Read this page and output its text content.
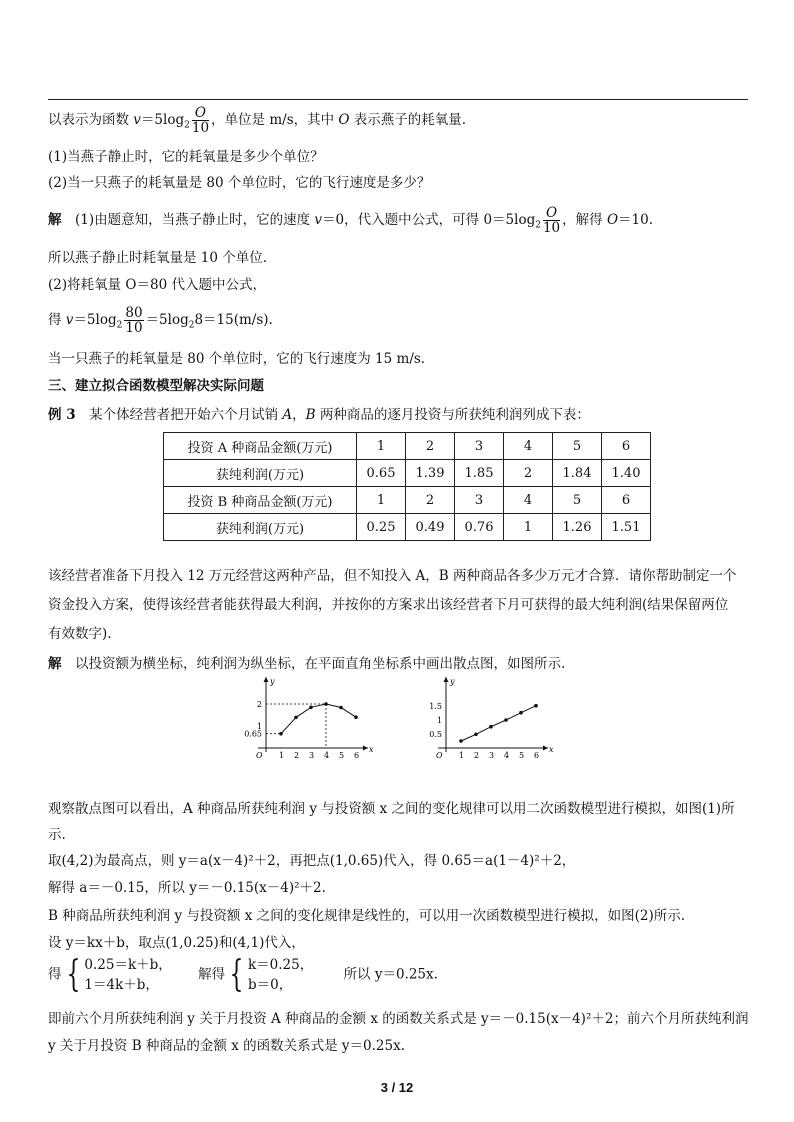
以表示为函数 $v=5\log_2 \frac{O}{10}$ ，单位是 m/s，其中 O 表示燕子的耗氧量.
(1)当燕子静止时，它的耗氧量是多少个单位？
(2)当一只燕子的耗氧量是 80 个单位时，它的飞行速度是多少？
解　(1)由题意知，当燕子静止时，它的速度 v＝0，代入题中公式，可得 $0=5\log_2 \frac{O}{10}$ ，解得 O＝10.
所以燕子静止时耗氧量是 10 个单位.
(2)将耗氧量 O＝80 代入题中公式，
得 $v=5\log_2 \frac{80}{10} =5\log_28=15(m/s)$.
当一只燕子的耗氧量是 80 个单位时，它的飞行速度为 15 m/s.
三、建立拟合函数模型解决实际问题
例 3　某个体经营者把开始六个月试销 A，B 两种商品的逐月投资与所获纯利润列成下表：
投资 A 种商品金额(万元)	1	2	3	4	5	6
获纯利润(万元)	0.65	1.39	1.85	2	1.84	1.40
投资 B 种商品金额(万元)	1	2	3	4	5	6
获纯利润(万元)	0.25	0.49	0.76	1	1.26	1.51
该经营者准备下月投入 12 万元经营这两种产品，但不知投入 A，B 两种商品各多少万元才合算．请你帮助制定一个
资金投入方案，使得该经营者能获得最大利润，并按你的方案求出该经营者下月可获得的最大纯利润(结果保留两位
有效数字).
解　以投资额为横坐标，纯利润为纵坐标，在平面直角坐标系中画出散点图，如图所示.
y
x
O 1 2 3 4 5 6
2
1
0.65
y
x
O 1 2 3 4 5 6
1.5
1
0.5
观察散点图可以看出，A 种商品所获纯利润 y 与投资额 x 之间的变化规律可以用二次函数模型进行模拟，如图(1)所
示.
取(4,2)为最高点，则 y＝a(x－4)²＋2，再把点(1,0.65)代入，得 0.65＝a(1－4)²＋2，
解得 a＝－0.15，所以 y＝－0.15(x－4)²＋2.
B 种商品所获纯利润 y 与投资额 x 之间的变化规律是线性的，可以用一次函数模型进行模拟，如图(2)所示.
设 y＝kx＋b，取点(1,0.25)和(4,1)代入，
得 { 0.25＝k＋b，
1＝4k＋b， 解得 { k＝0.25，
b＝0， 所以 y＝0.25x.
即前六个月所获纯利润 y 关于月投资 A 种商品的金额 x 的函数关系式是 y＝－0.15(x－4)²＋2；前六个月所获纯利润
y 关于月投资 B 种商品的金额 x 的函数关系式是 y＝0.25x.
3 / 12
